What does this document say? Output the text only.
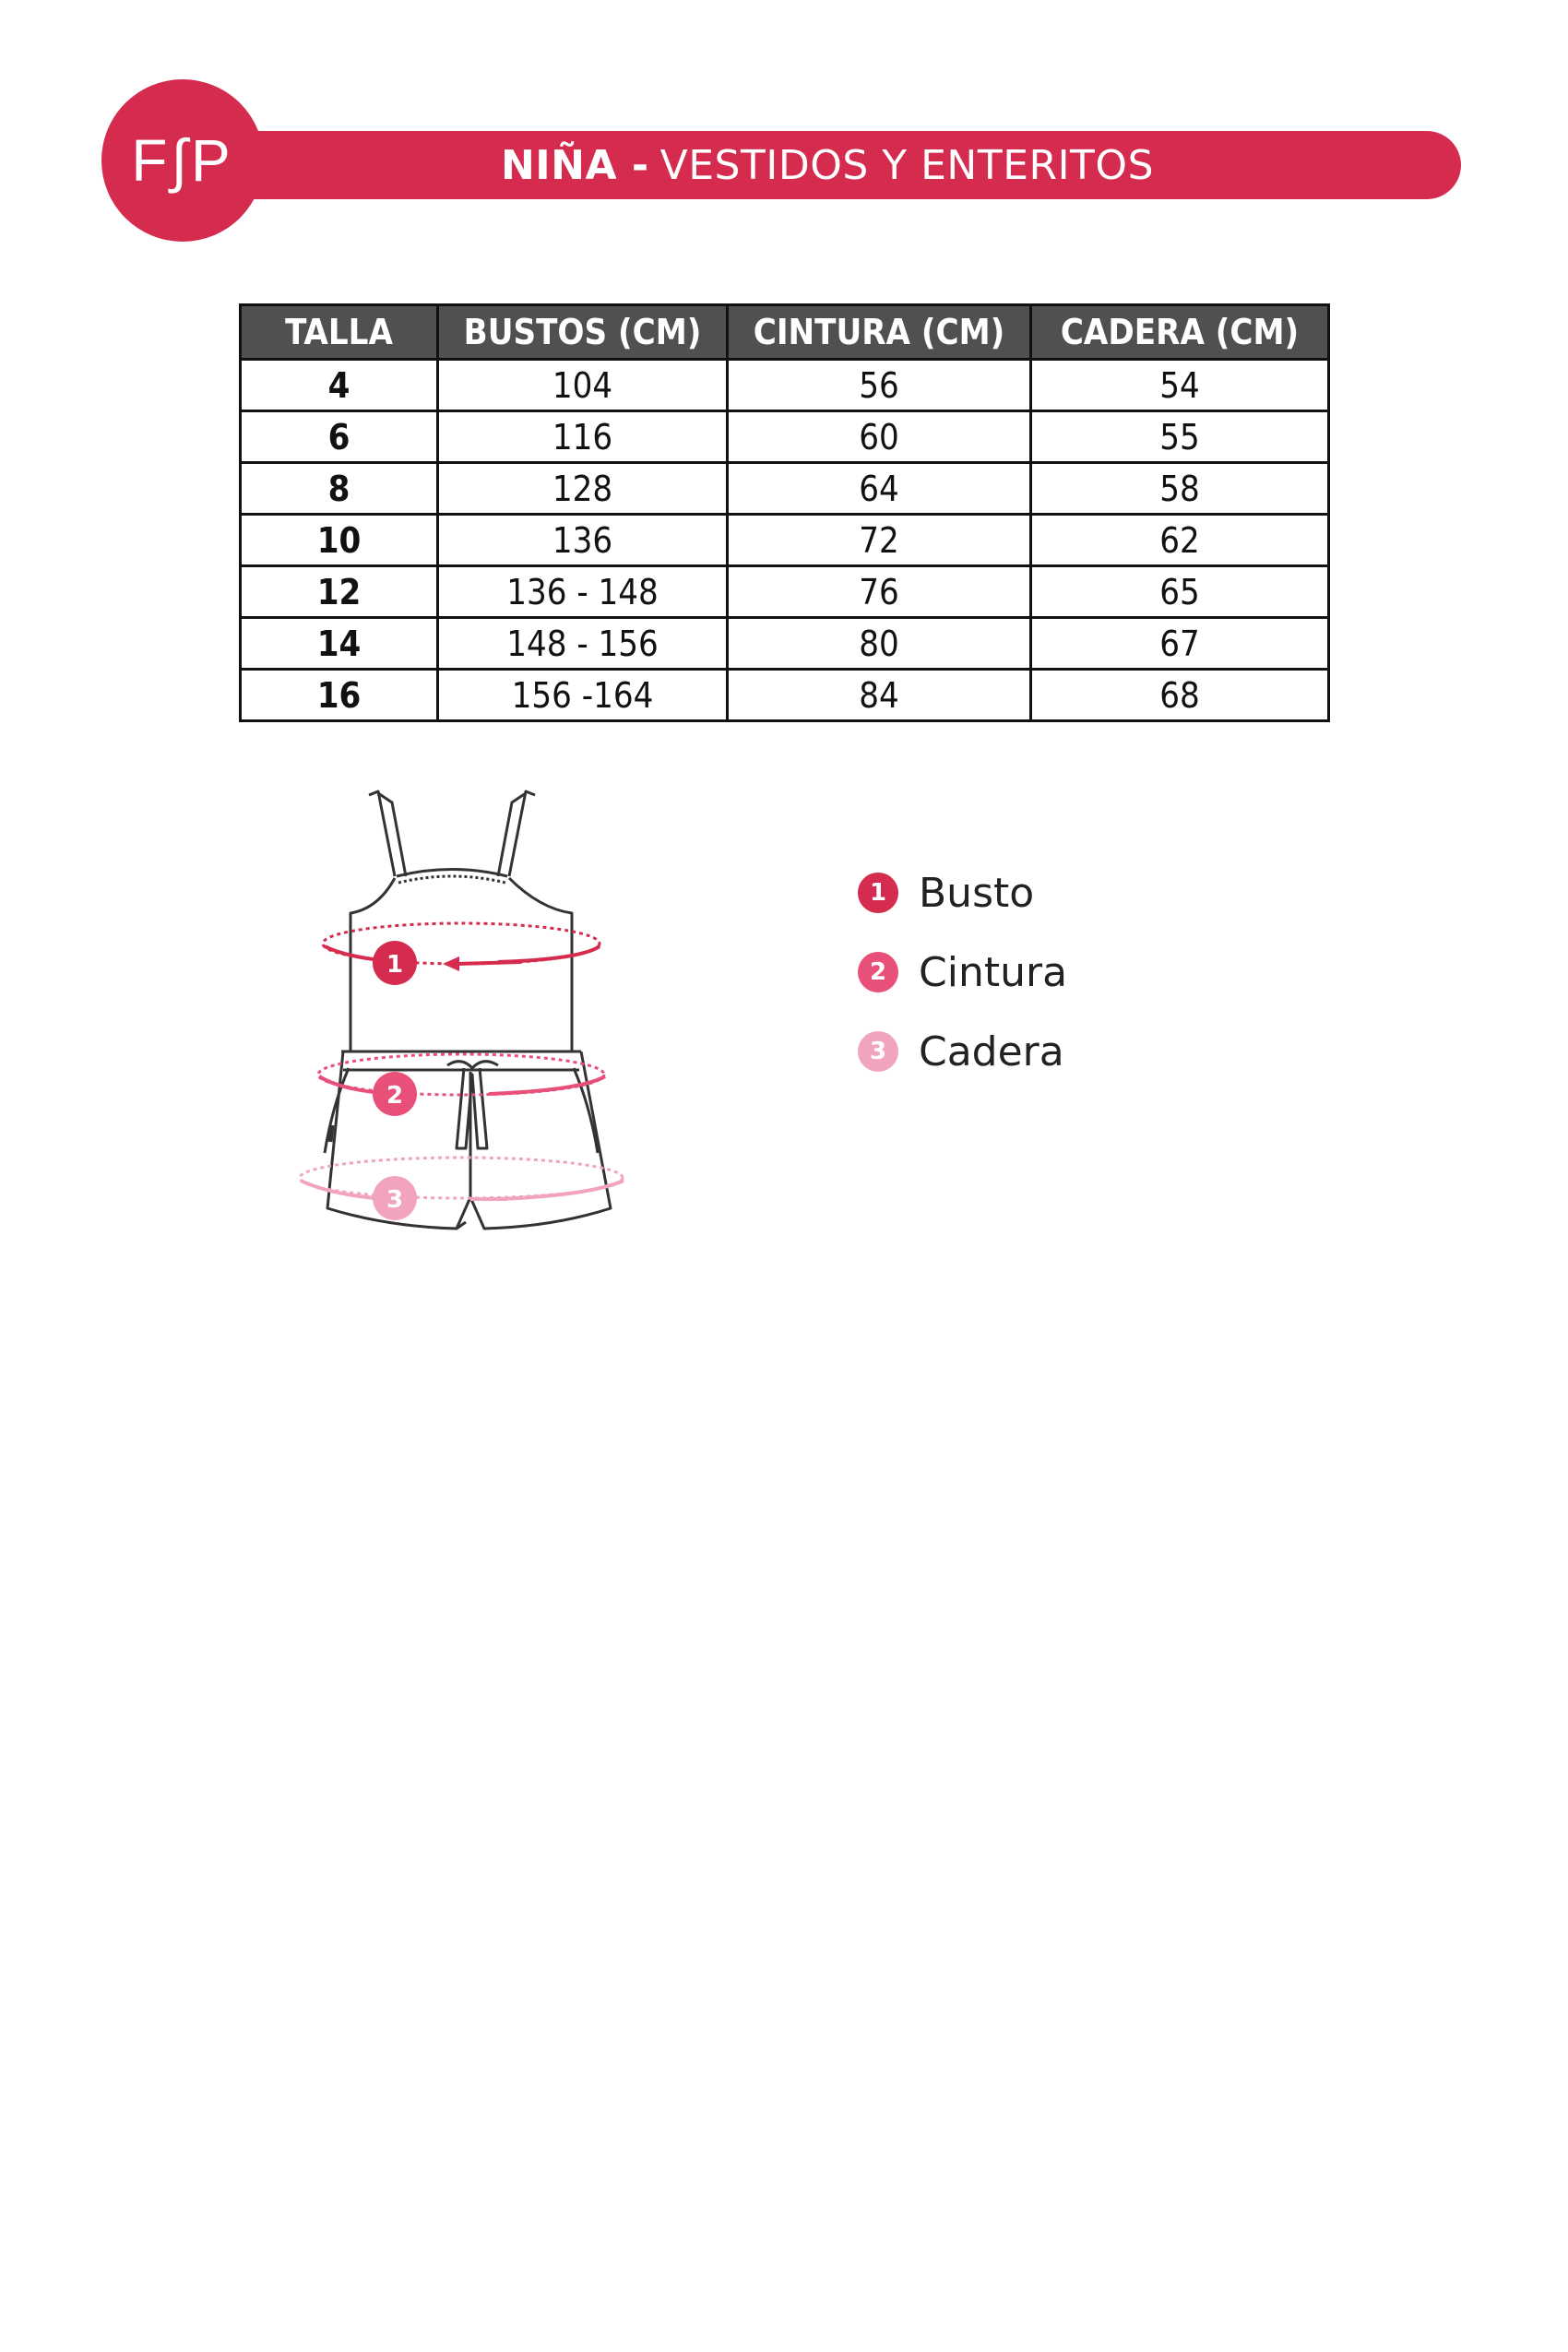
NIÑA - VESTIDOS Y ENTERITOS
F∫P
TALLA	BUSTOS (CM)	CINTURA (CM)	CADERA (CM)
4	104	56	54
6	116	60	55
8	128	64	58
10	136	72	62
12	136 - 148	76	65
14	148 - 156	80	67
16	156 -164	84	68
1
2
3
1 Busto
2 Cintura
3 Cadera
